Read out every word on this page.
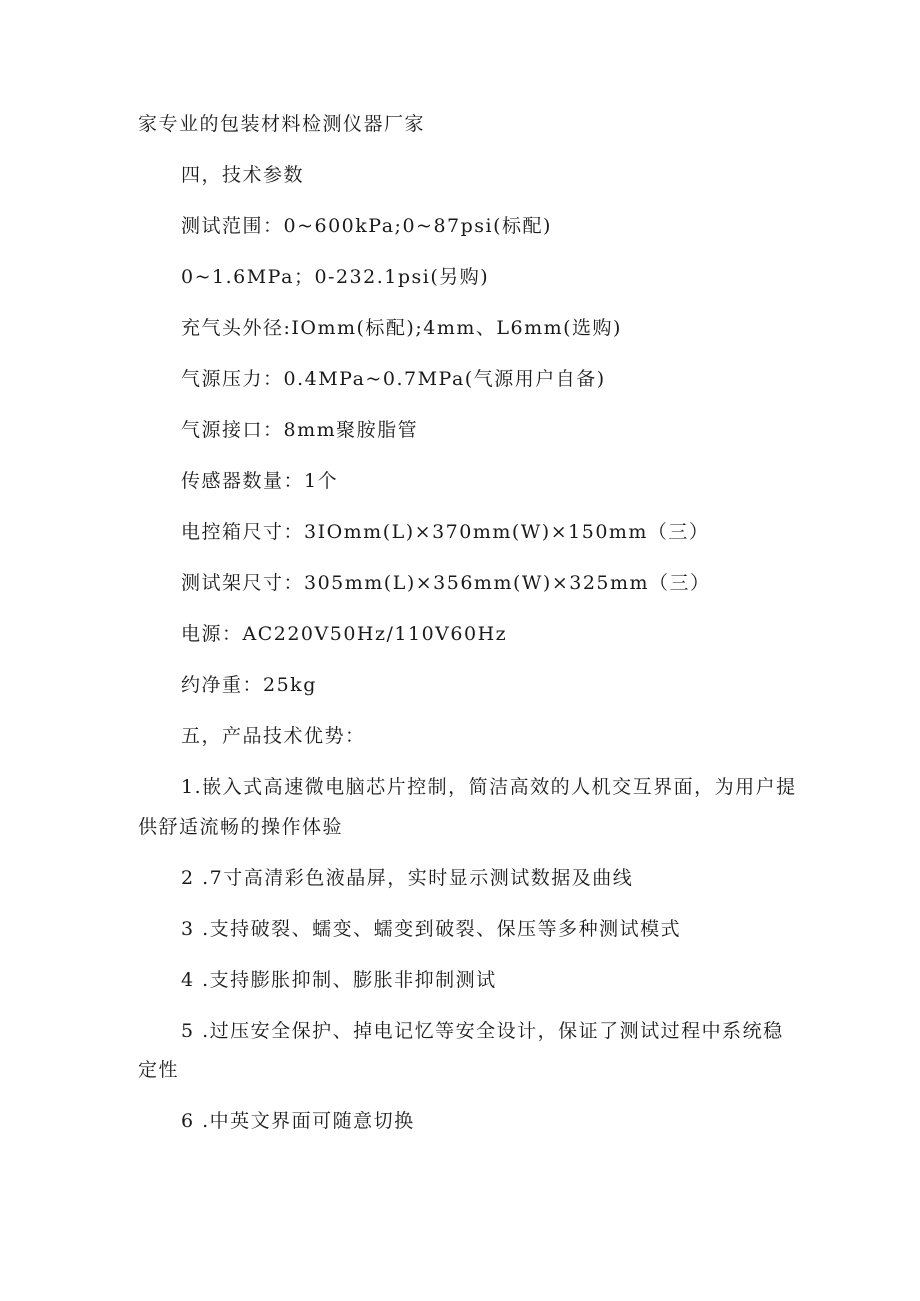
家专业的包装材料检测仪器厂家
四，技术参数
测试范围：0~600kPa;0~87psi(标配)
0~1.6MPa；0-232.1psi(另购)
充气头外径:IOmm(标配);4mm、L6mm(选购)
气源压力：0.4MPa~0.7MPa(气源用户自备)
气源接口：8mm聚胺脂管
传感器数量：1个
电控箱尺寸：3IOmm(L)×370mm(W)×150mm（三）
测试架尺寸：305mm(L)×356mm(W)×325mm（三）
电源：AC220V50Hz/110V60Hz
约净重：25kg
五，产品技术优势：
1.嵌入式高速微电脑芯片控制，简洁高效的人机交互界面，为用户提
供舒适流畅的操作体验
2 .7寸高清彩色液晶屏，实时显示测试数据及曲线
3 .支持破裂、蠕变、蠕变到破裂、保压等多种测试模式
4 .支持膨胀抑制、膨胀非抑制测试
5 .过压安全保护、掉电记忆等安全设计，保证了测试过程中系统稳
定性
6 .中英文界面可随意切换
